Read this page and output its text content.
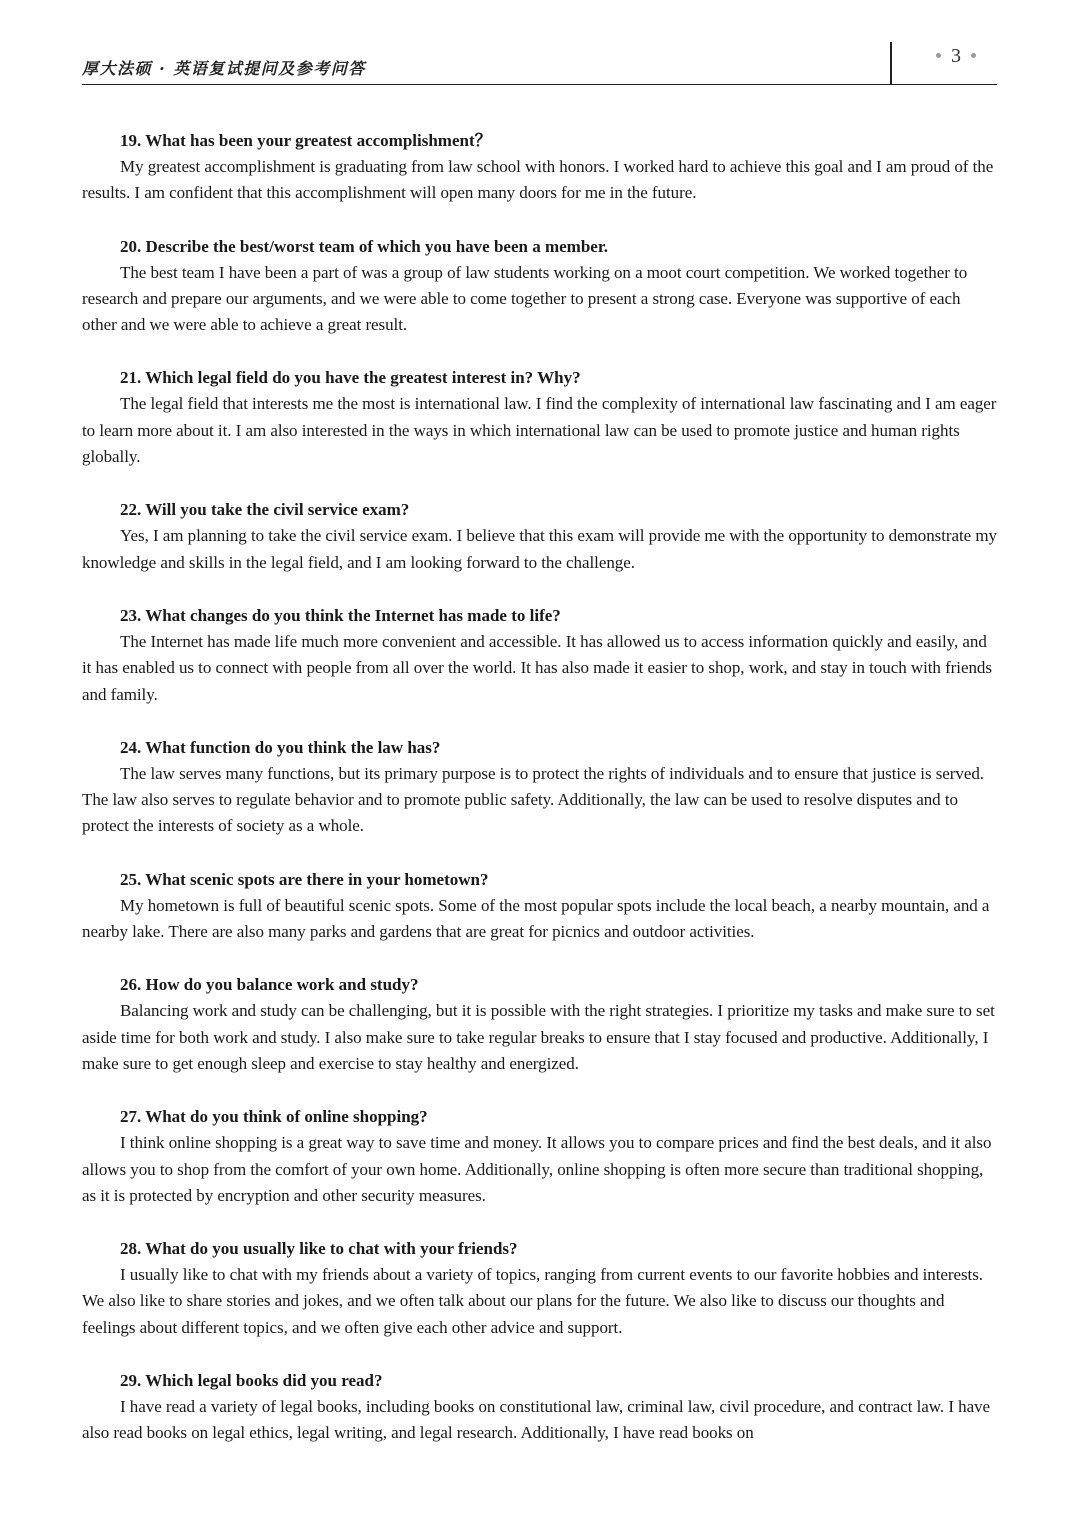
厚大法硕 · 英语复试提问及参考问答
3
19. What has been your greatest accomplishment？

My greatest accomplishment is graduating from law school with honors. I worked hard to achieve this goal and I am proud of the results. I am confident that this accomplishment will open many doors for me in the future.

20. Describe the best/worst team of which you have been a member.

The best team I have been a part of was a group of law students working on a moot court competition. We worked together to research and prepare our arguments, and we were able to come together to present a strong case. Everyone was supportive of each other and we were able to achieve a great result.

21. Which legal field do you have the greatest interest in? Why?

The legal field that interests me the most is international law. I find the complexity of international law fascinating and I am eager to learn more about it. I am also interested in the ways in which international law can be used to promote justice and human rights globally.

22. Will you take the civil service exam?

Yes, I am planning to take the civil service exam. I believe that this exam will provide me with the opportunity to demonstrate my knowledge and skills in the legal field, and I am looking forward to the challenge.

23. What changes do you think the Internet has made to life?

The Internet has made life much more convenient and accessible. It has allowed us to access information quickly and easily, and it has enabled us to connect with people from all over the world. It has also made it easier to shop, work, and stay in touch with friends and family.

24. What function do you think the law has?

The law serves many functions, but its primary purpose is to protect the rights of individuals and to ensure that justice is served. The law also serves to regulate behavior and to promote public safety. Additionally, the law can be used to resolve disputes and to protect the interests of society as a whole.

25. What scenic spots are there in your hometown?

My hometown is full of beautiful scenic spots. Some of the most popular spots include the local beach, a nearby mountain, and a nearby lake. There are also many parks and gardens that are great for picnics and outdoor activities.

26. How do you balance work and study?

Balancing work and study can be challenging, but it is possible with the right strategies. I prioritize my tasks and make sure to set aside time for both work and study. I also make sure to take regular breaks to ensure that I stay focused and productive. Additionally, I make sure to get enough sleep and exercise to stay healthy and energized.

27. What do you think of online shopping?

I think online shopping is a great way to save time and money. It allows you to compare prices and find the best deals, and it also allows you to shop from the comfort of your own home. Additionally, online shopping is often more secure than traditional shopping, as it is protected by encryption and other security measures.

28. What do you usually like to chat with your friends?

I usually like to chat with my friends about a variety of topics, ranging from current events to our favorite hobbies and interests. We also like to share stories and jokes, and we often talk about our plans for the future. We also like to discuss our thoughts and feelings about different topics, and we often give each other advice and support.

29. Which legal books did you read?

I have read a variety of legal books, including books on constitutional law, criminal law, civil procedure, and contract law. I have also read books on legal ethics, legal writing, and legal research. Additionally, I have read books on
